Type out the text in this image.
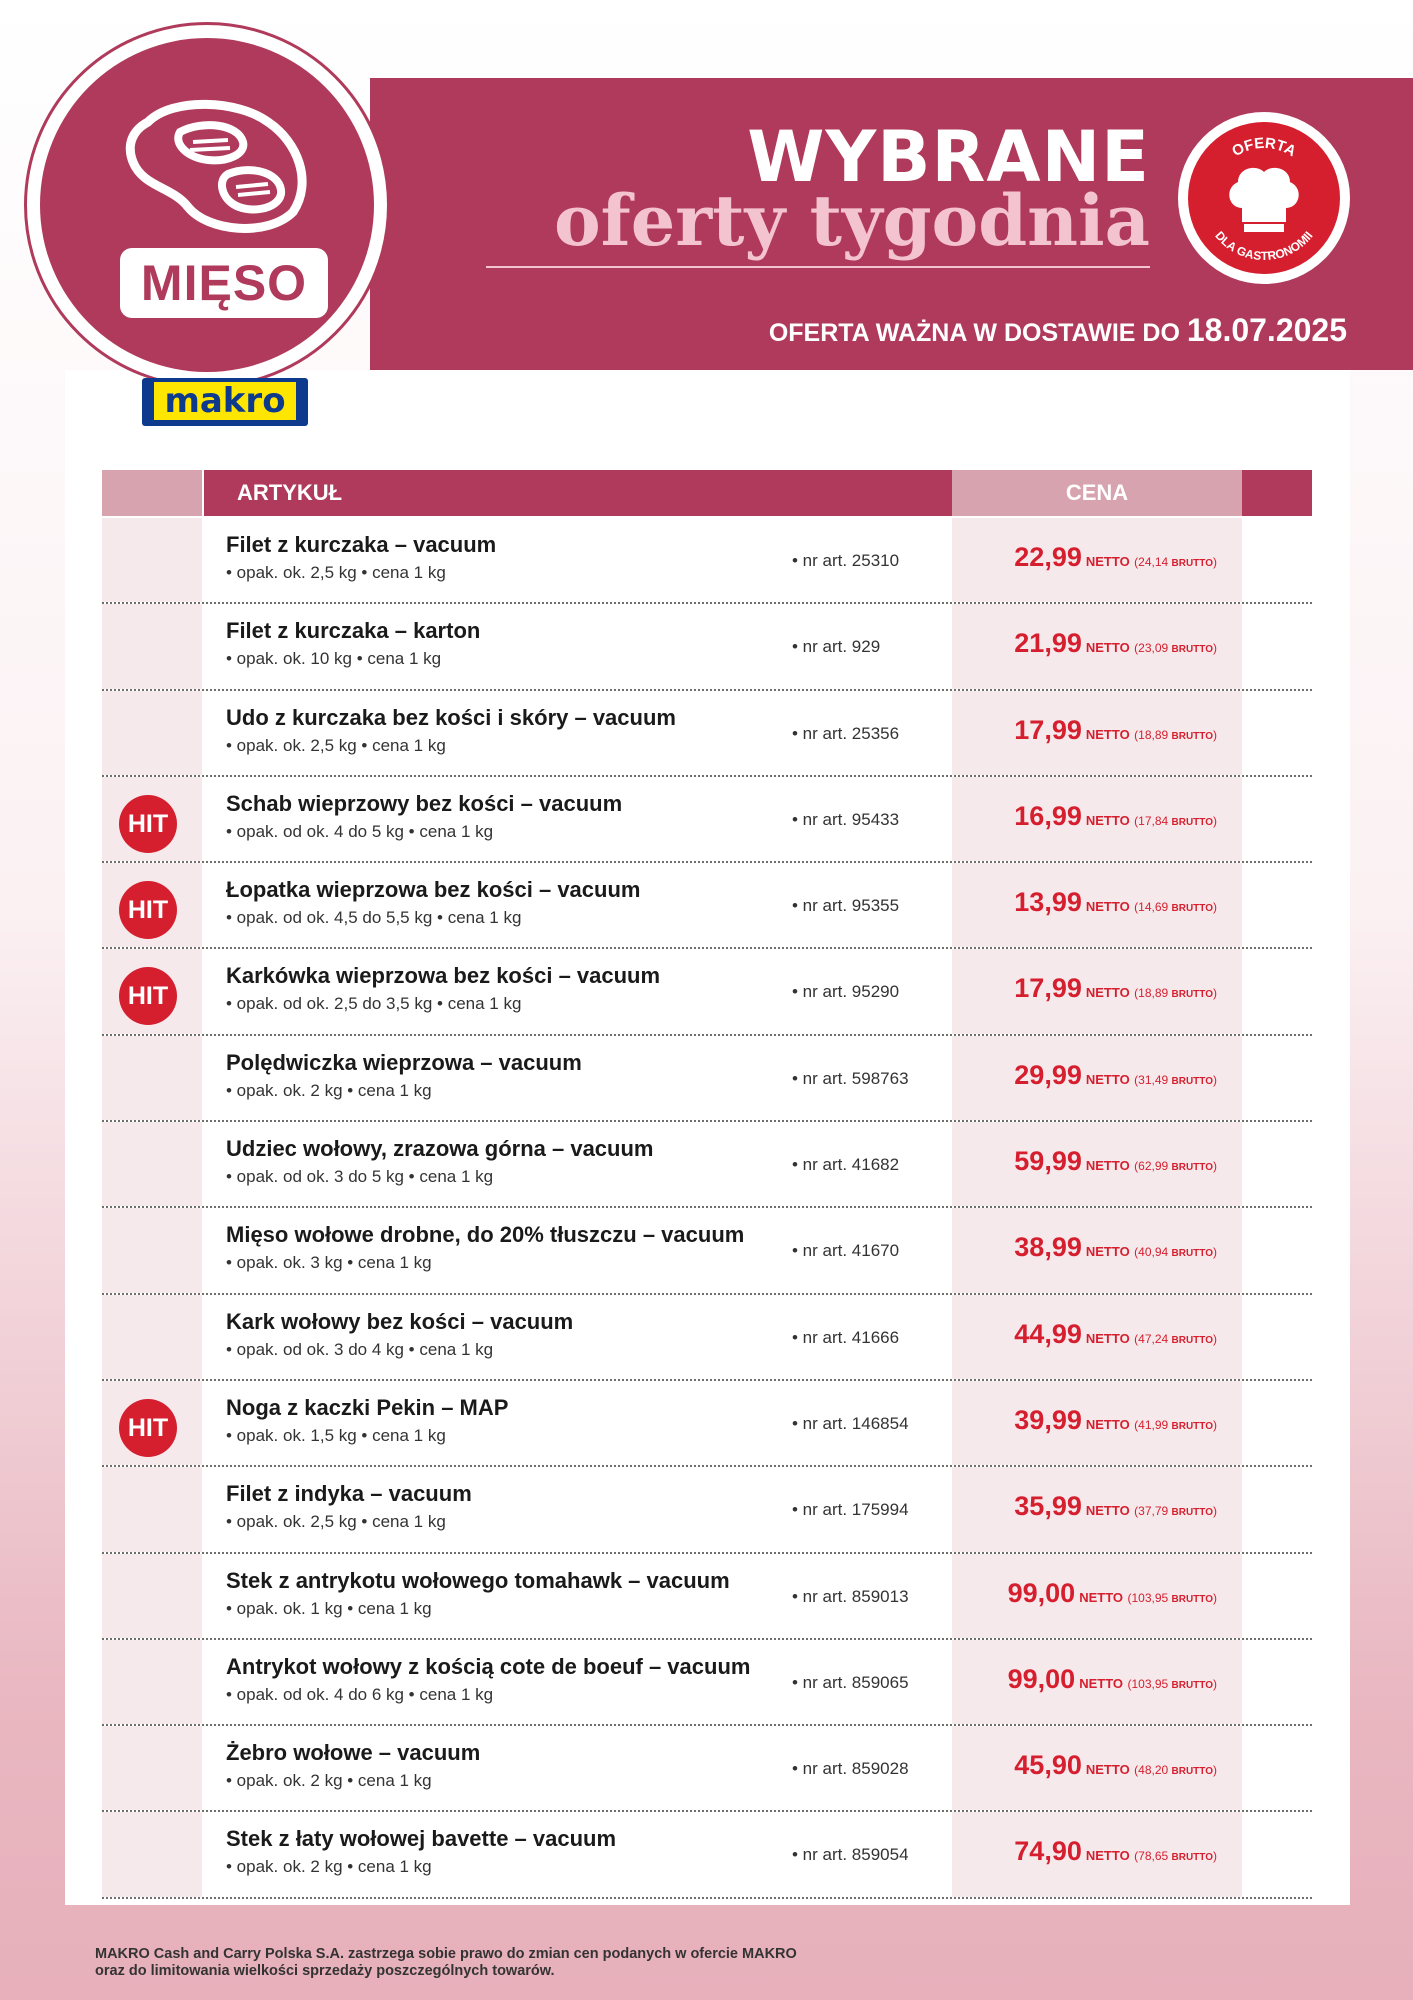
MIĘSO
makro
WYBRANE
oferty tygodnia
OFERTA WAŻNA W DOSTAWIE DO 18.07.2025
OFERTA
DLA GASTRONOMII
ARTYKUŁ	CENA
Filet z kurczaka – vacuum
• opak. ok. 2,5 kg • cena 1 kg
• nr art. 25310	22,99 NETTO (24,14 BRUTTO)
Filet z kurczaka – karton
• opak. ok. 10 kg • cena 1 kg
• nr art. 929	21,99 NETTO (23,09 BRUTTO)
Udo z kurczaka bez kości i skóry – vacuum
• opak. ok. 2,5 kg • cena 1 kg
• nr art. 25356	17,99 NETTO (18,89 BRUTTO)
HIT
Schab wieprzowy bez kości – vacuum
• opak. od ok. 4 do 5 kg • cena 1 kg
• nr art. 95433	16,99 NETTO (17,84 BRUTTO)
HIT
Łopatka wieprzowa bez kości – vacuum
• opak. od ok. 4,5 do 5,5 kg • cena 1 kg
• nr art. 95355	13,99 NETTO (14,69 BRUTTO)
HIT
Karkówka wieprzowa bez kości – vacuum
• opak. od ok. 2,5 do 3,5 kg • cena 1 kg
• nr art. 95290	17,99 NETTO (18,89 BRUTTO)
Polędwiczka wieprzowa – vacuum
• opak. ok. 2 kg • cena 1 kg
• nr art. 598763	29,99 NETTO (31,49 BRUTTO)
Udziec wołowy, zrazowa górna – vacuum
• opak. od ok. 3 do 5 kg • cena 1 kg
• nr art. 41682	59,99 NETTO (62,99 BRUTTO)
Mięso wołowe drobne, do 20% tłuszczu – vacuum
• opak. ok. 3 kg • cena 1 kg
• nr art. 41670	38,99 NETTO (40,94 BRUTTO)
Kark wołowy bez kości – vacuum
• opak. od ok. 3 do 4 kg • cena 1 kg
• nr art. 41666	44,99 NETTO (47,24 BRUTTO)
HIT
Noga z kaczki Pekin – MAP
• opak. ok. 1,5 kg • cena 1 kg
• nr art. 146854	39,99 NETTO (41,99 BRUTTO)
Filet z indyka – vacuum
• opak. ok. 2,5 kg • cena 1 kg
• nr art. 175994	35,99 NETTO (37,79 BRUTTO)
Stek z antrykotu wołowego tomahawk – vacuum
• opak. ok. 1 kg • cena 1 kg
• nr art. 859013	99,00 NETTO (103,95 BRUTTO)
Antrykot wołowy z kością cote de boeuf – vacuum
• opak. od ok. 4 do 6 kg • cena 1 kg
• nr art. 859065	99,00 NETTO (103,95 BRUTTO)
Żebro wołowe – vacuum
• opak. ok. 2 kg • cena 1 kg
• nr art. 859028	45,90 NETTO (48,20 BRUTTO)
Stek z łaty wołowej bavette – vacuum
• opak. ok. 2 kg • cena 1 kg
• nr art. 859054	74,90 NETTO (78,65 BRUTTO)
MAKRO Cash and Carry Polska S.A. zastrzega sobie prawo do zmian cen podanych w ofercie MAKRO
oraz do limitowania wielkości sprzedaży poszczególnych towarów.
